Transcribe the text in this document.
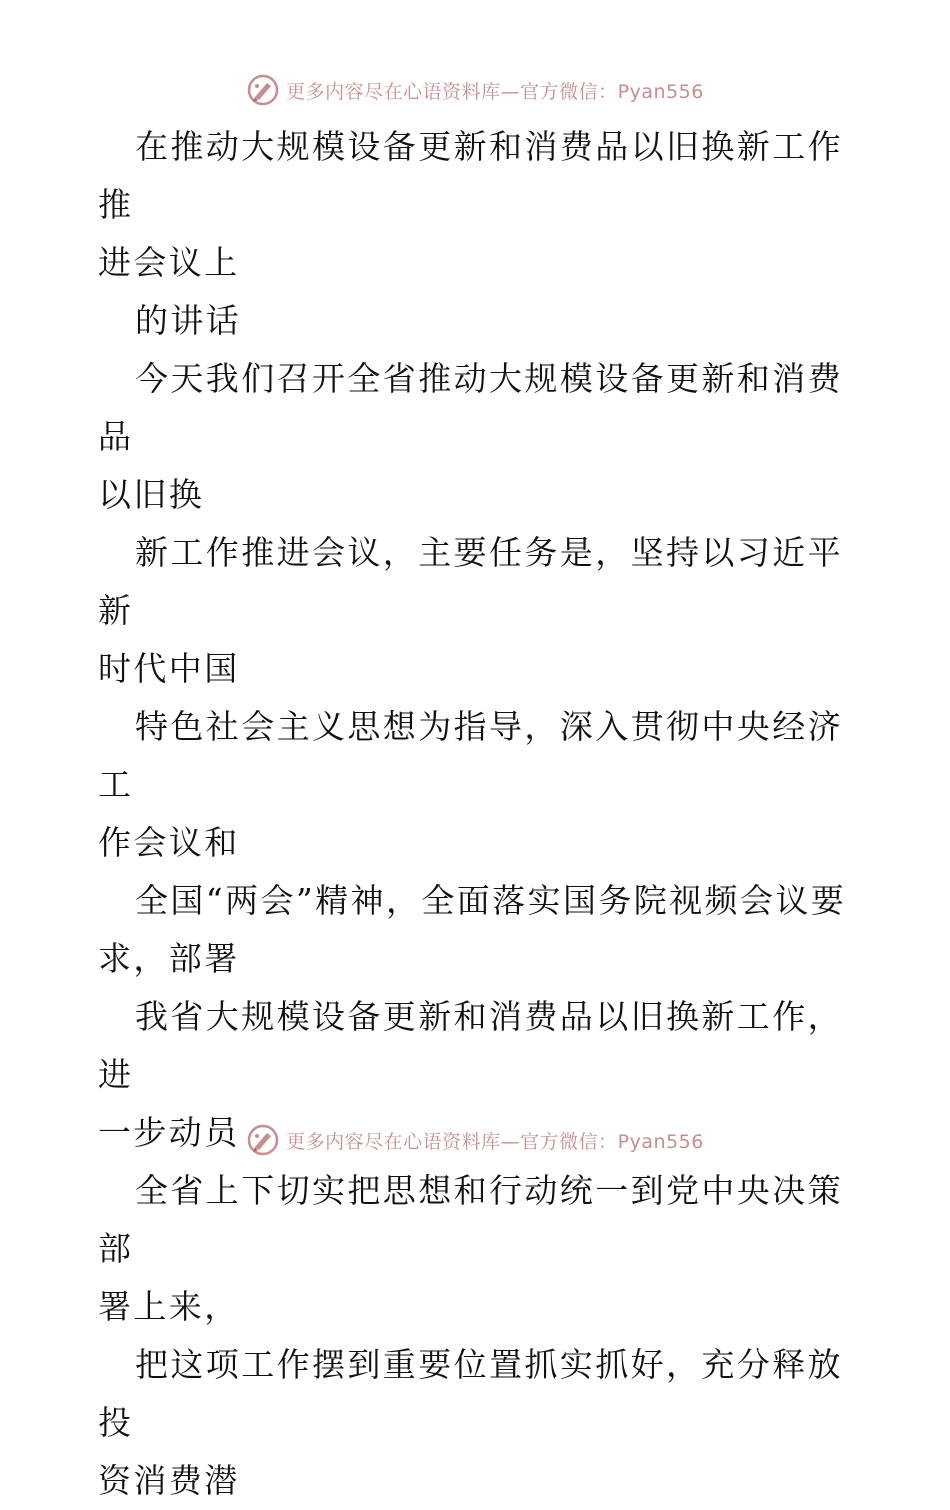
更多内容尽在心语资料库—官方微信：Pyan556

在推动大规模设备更新和消费品以旧换新工作推
进会议上

的讲话

今天我们召开全省推动大规模设备更新和消费品
以旧换

新工作推进会议，主要任务是，坚持以习近平新
时代中国

特色社会主义思想为指导，深入贯彻中央经济工
作会议和

全国“两会”精神，全面落实国务院视频会议要
求，部署

我省大规模设备更新和消费品以旧换新工作，进
一步动员

全省上下切实把思想和行动统一到党中央决策部
署上来，

把这项工作摆到重要位置抓实抓好，充分释放投
资消费潜

更多内容尽在心语资料库—官方微信：Pyan556
